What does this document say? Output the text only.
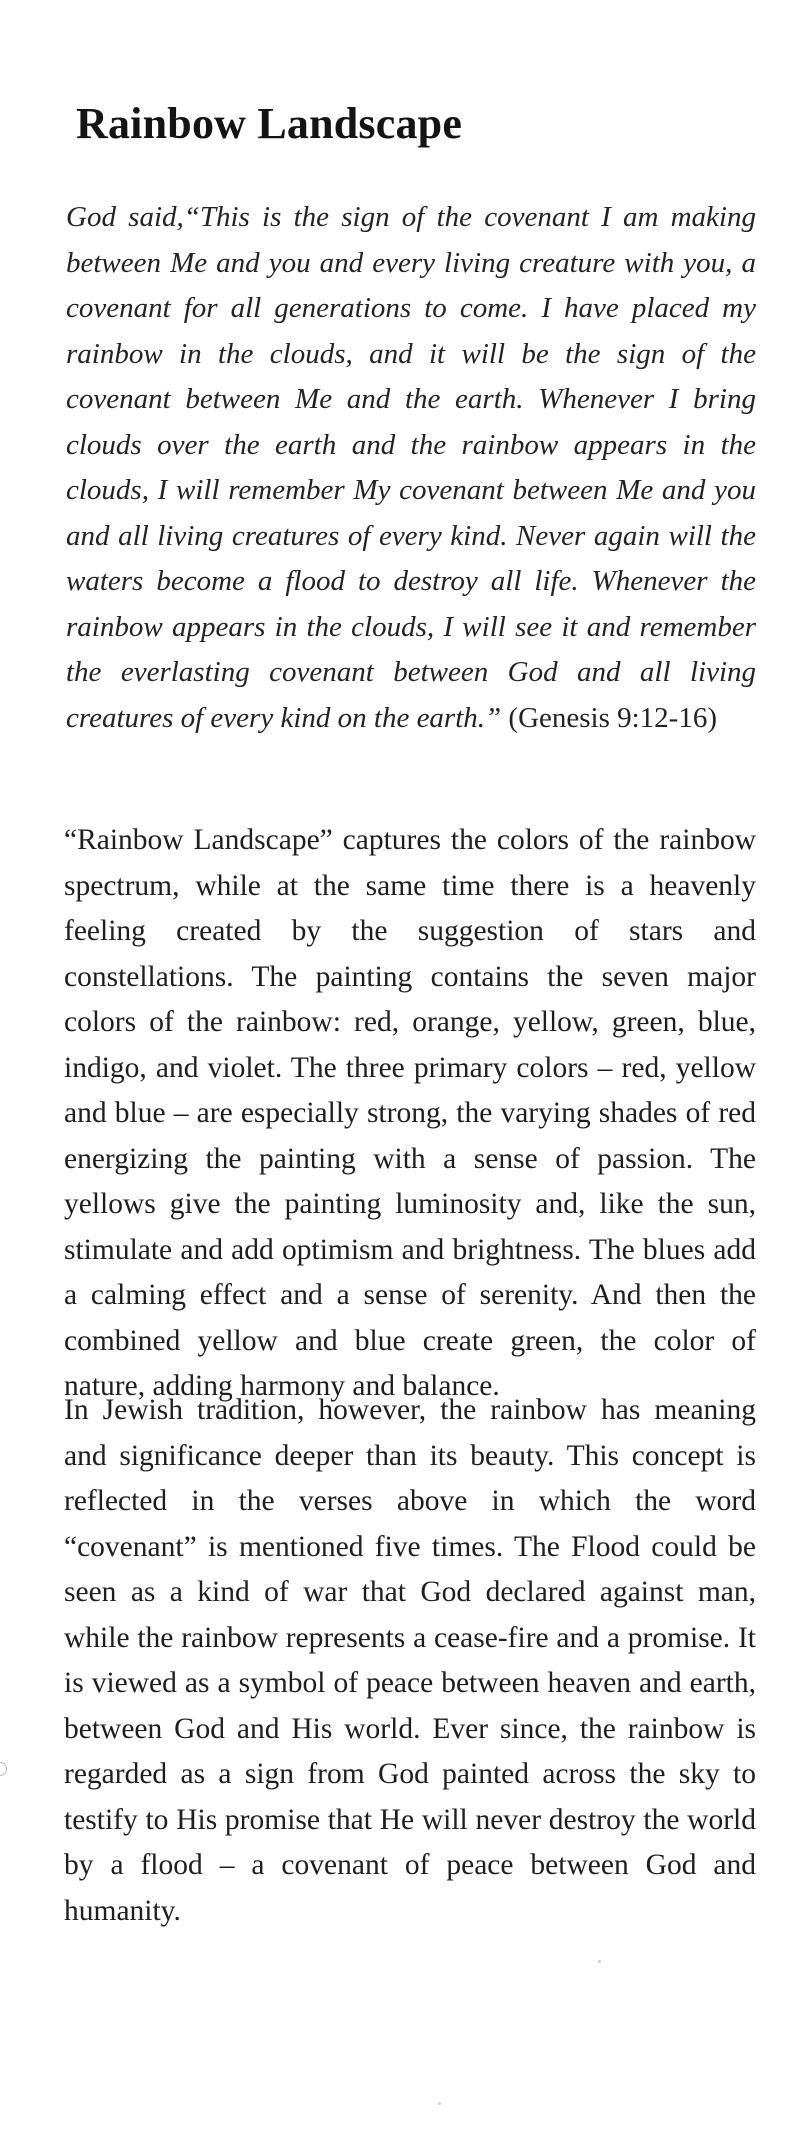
Rainbow Landscape

God said,“This is the sign of the covenant I am making between Me and you and every living creature with you, a covenant for all generations to come. I have placed my rainbow in the clouds, and it will be the sign of the covenant between Me and the earth. Whenever I bring clouds over the earth and the rainbow appears in the clouds, I will remember My covenant between Me and you and all living creatures of every kind. Never again will the waters become a flood to destroy all life. Whenever the rainbow appears in the clouds, I will see it and remember the everlasting covenant between God and all living creatures of every kind on the earth.” (Genesis 9:12-16)

“Rainbow Landscape” captures the colors of the rainbow spectrum, while at the same time there is a heavenly feeling created by the suggestion of stars and constellations. The painting contains the seven major colors of the rainbow: red, orange, yellow, green, blue, indigo, and violet. The three primary colors – red, yellow and blue – are especially strong, the varying shades of red energizing the painting with a sense of passion. The yellows give the painting luminosity and, like the sun, stimulate and add optimism and brightness. The blues add a calming effect and a sense of serenity. And then the combined yellow and blue create green, the color of nature, adding harmony and balance.

In Jewish tradition, however, the rainbow has meaning and significance deeper than its beauty. This concept is reflected in the verses above in which the word “covenant” is mentioned five times. The Flood could be seen as a kind of war that God declared against man, while the rainbow represents a cease-fire and a promise. It is viewed as a symbol of peace between heaven and earth, between God and His world. Ever since, the rainbow is regarded as a sign from God painted across the sky to testify to His promise that He will never destroy the world by a flood – a covenant of peace between God and humanity.
